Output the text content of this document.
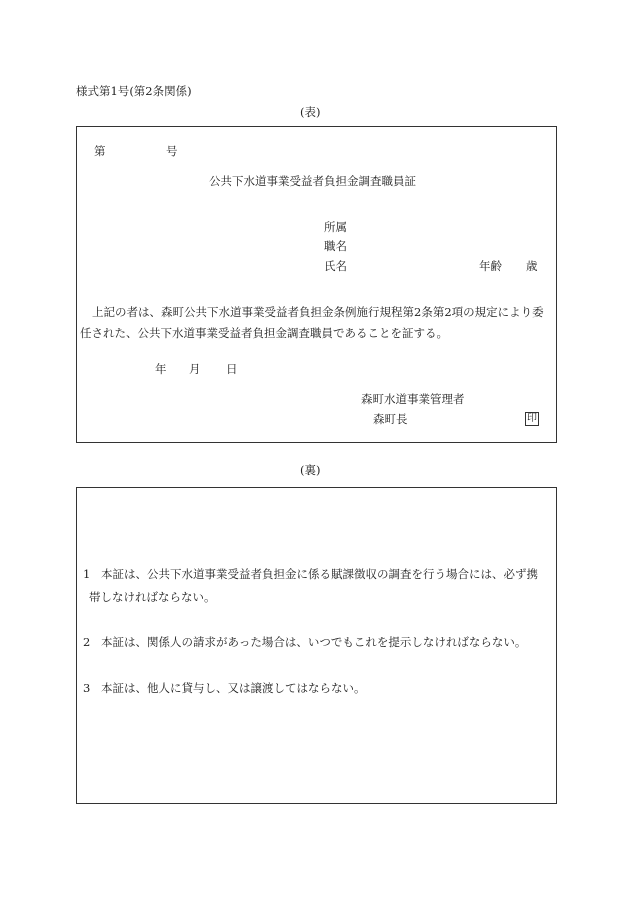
様式第1号(第2条関係)
(表)
第	号
公共下水道事業受益者負担金調査職員証
所属
職名
氏名	年齢 歳
上記の者は、森町公共下水道事業受益者負担金条例施行規程第2条第2項の規定により委
任された、公共下水道事業受益者負担金調査職員であることを証する。
年 月 日
森町水道事業管理者
森町長	印
(裏)
1 本証は、公共下水道事業受益者負担金に係る賦課徴収の調査を行う場合には、必ず携
帯しなければならない。
2 本証は、関係人の請求があった場合は、いつでもこれを提示しなければならない。
3 本証は、他人に貸与し、又は譲渡してはならない。
